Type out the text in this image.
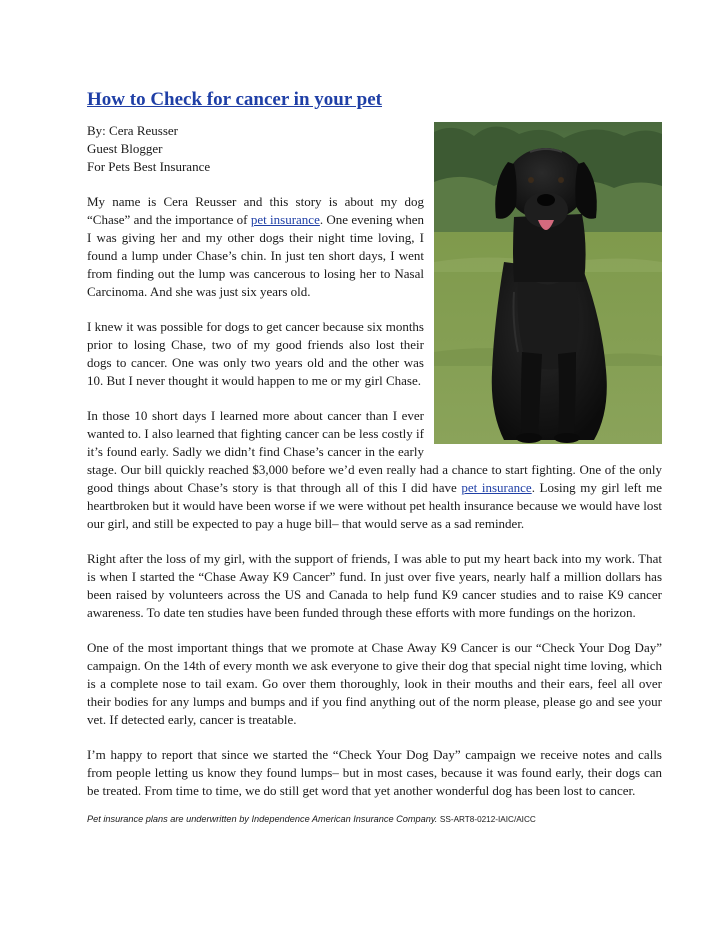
How to Check for cancer in your pet
By: Cera Reusser
Guest Blogger
For Pets Best Insurance

My name is Cera Reusser and this story is about my dog “Chase” and the importance of pet insurance. One evening when I was giving her and my other dogs their night time loving, I found a lump under Chase’s chin. In just ten short days, I went from finding out the lump was cancerous to losing her to Nasal Carcinoma. And she was just six years old.

I knew it was possible for dogs to get cancer because six months prior to losing Chase, two of my good friends also lost their dogs to cancer. One was only two years old and the other was 10. But I never thought it would happen to me or my girl Chase.

In those 10 short days I learned more about cancer than I ever wanted to. I also learned that fighting cancer can be less costly if it’s found early. Sadly we didn’t find Chase’s cancer in the early stage. Our bill quickly reached $3,000 before we’d even really had a chance to start fighting. One of the only good things about Chase’s story is that through all of this I did have pet insurance. Losing my girl left me heartbroken but it would have been worse if we were without pet health insurance because we would have lost our girl, and still be expected to pay a huge bill– that would serve as a sad reminder.

Right after the loss of my girl, with the support of friends, I was able to put my heart back into my work. That is when I started the “Chase Away K9 Cancer” fund. In just over five years, nearly half a million dollars has been raised by volunteers across the US and Canada to help fund K9 cancer studies and to raise K9 cancer awareness. To date ten studies have been funded through these efforts with more fundings on the horizon.

One of the most important things that we promote at Chase Away K9 Cancer is our “Check Your Dog Day” campaign. On the 14th of every month we ask everyone to give their dog that special night time loving, which is a complete nose to tail exam. Go over them thoroughly, look in their mouths and their ears, feel all over their bodies for any lumps and bumps and if you find anything out of the norm please, please go and see your vet. If detected early, cancer is treatable.

I’m happy to report that since we started the “Check Your Dog Day” campaign we receive notes and calls from people letting us know they found lumps– but in most cases, because it was found early, their dogs can be treated. From time to time, we do still get word that yet another wonderful dog has been lost to cancer.

Pet insurance plans are underwritten by Independence American Insurance Company. SS-ART8-0212-IAIC/AICC
